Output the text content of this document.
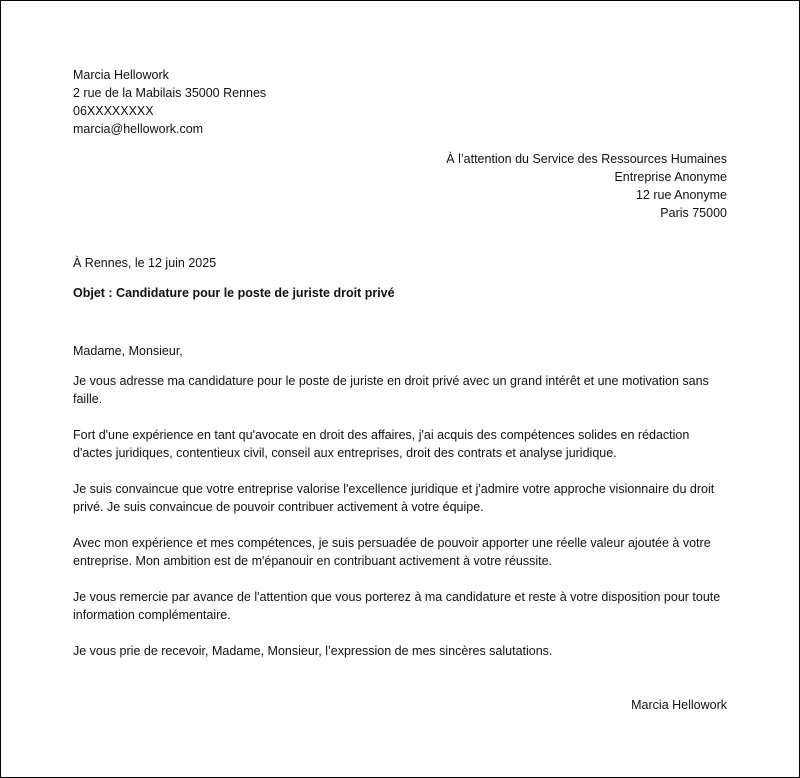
Marcia Hellowork
2 rue de la Mabilais 35000 Rennes
06XXXXXXXX
marcia@hellowork.com
À l’attention du Service des Ressources Humaines
Entreprise Anonyme
12 rue Anonyme
Paris 75000
À Rennes, le 12 juin 2025
Objet : Candidature pour le poste de juriste droit privé
Madame, Monsieur,

Je vous adresse ma candidature pour le poste de juriste en droit privé avec un grand intérêt et une motivation sans faille.

Fort d'une expérience en tant qu'avocate en droit des affaires, j'ai acquis des compétences solides en rédaction d'actes juridiques, contentieux civil, conseil aux entreprises, droit des contrats et analyse juridique.

Je suis convaincue que votre entreprise valorise l'excellence juridique et j'admire votre approche visionnaire du droit privé. Je suis convaincue de pouvoir contribuer activement à votre équipe.

Avec mon expérience et mes compétences, je suis persuadée de pouvoir apporter une réelle valeur ajoutée à votre entreprise. Mon ambition est de m'épanouir en contribuant activement à votre réussite.

Je vous remercie par avance de l'attention que vous porterez à ma candidature et reste à votre disposition pour toute information complémentaire.

Je vous prie de recevoir, Madame, Monsieur, l’expression de mes sincères salutations.

Marcia Hellowork
